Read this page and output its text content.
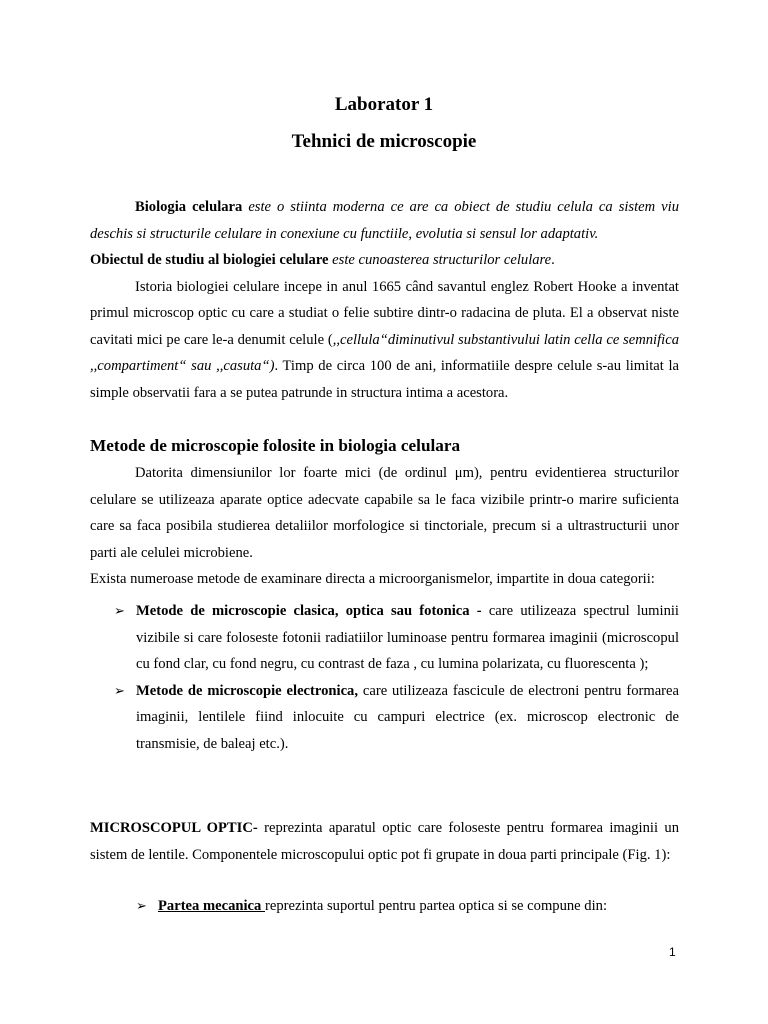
Laborator 1
Tehnici de microscopie

Biologia celulara este o stiinta moderna ce are ca obiect de studiu celula ca sistem viu deschis si structurile celulare in conexiune cu functiile, evolutia si sensul lor adaptativ.

Obiectul de studiu al biologiei celulare este cunoasterea structurilor celulare.

Istoria biologiei celulare incepe in anul 1665 când savantul englez Robert Hooke a inventat primul microscop optic cu care a studiat o felie subtire dintr-o radacina de pluta. El a observat niste cavitati mici pe care le-a denumit celule (,,cellula“diminutivul substantivului latin cella ce semnifica ,,compartiment“ sau ,,casuta“). Timp de circa 100 de ani, informatiile despre celule s-au limitat la simple observatii fara a se putea patrunde in structura intima a acestora.

Metode de microscopie folosite in biologia celulara

Datorita dimensiunilor lor foarte mici (de ordinul μm), pentru evidentierea structurilor celulare se utilizeaza aparate optice adecvate capabile sa le faca vizibile printr-o marire suficienta care sa faca posibila studierea detaliilor morfologice si tinctoriale, precum si a ultrastructurii unor parti ale celulei microbiene.

Exista numeroase metode de examinare directa a microorganismelor, impartite in doua categorii:

➢ Metode de microscopie clasica, optica sau fotonica - care utilizeaza spectrul luminii vizibile si care foloseste fotonii radiatiilor luminoase pentru formarea imaginii (microscopul cu fond clar, cu fond negru, cu contrast de faza , cu lumina polarizata, cu fluorescenta );
➢ Metode de microscopie electronica, care utilizeaza fascicule de electroni pentru formarea imaginii, lentilele fiind inlocuite cu campuri electrice (ex. microscop electronic de transmisie, de baleaj etc.).

MICROSCOPUL OPTIC- reprezinta aparatul optic care foloseste pentru formarea imaginii un sistem de lentile. Componentele microscopului optic pot fi grupate in doua parti principale (Fig. 1):

➢ Partea mecanica reprezinta suportul pentru partea optica si se compune din:
1
